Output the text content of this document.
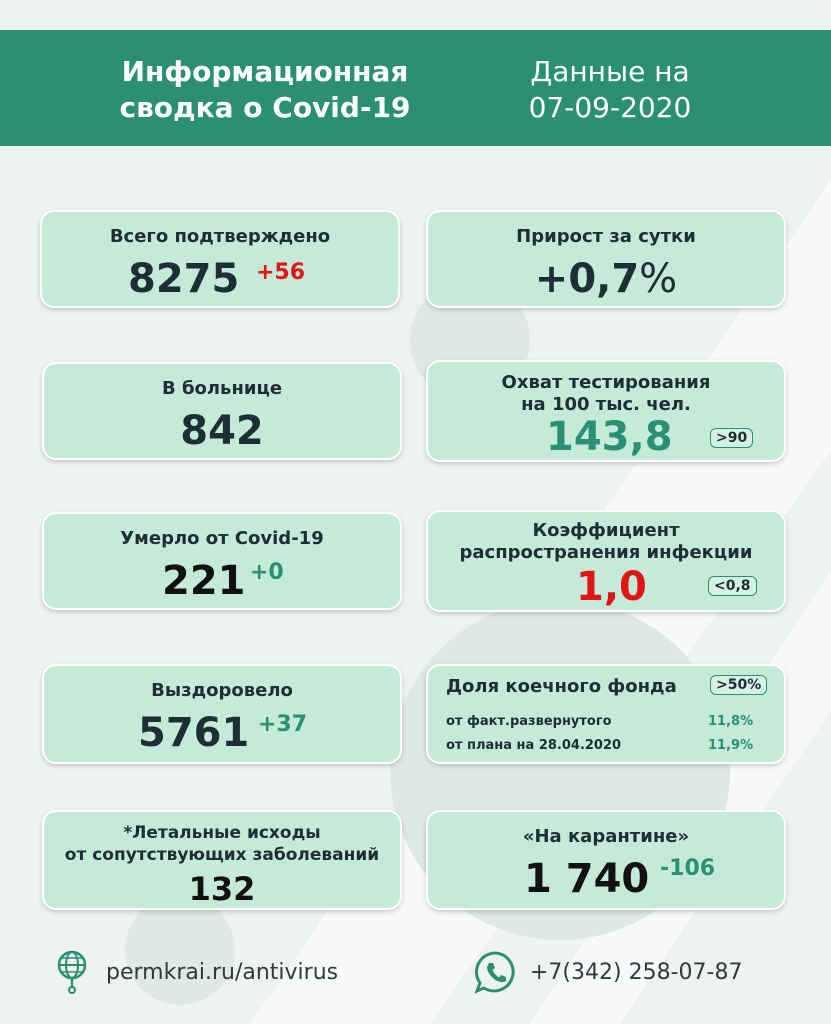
Информационная
сводка о Covid-19
Данные на
07-09-2020
Всего подтверждено
8275 +56
Прирост за сутки
+0,7%
В больнице
842
Охват тестирования
на 100 тыс. чел.
143,8	>90
Умерло от Covid-19
221 +0
Коэффициент
распространения инфекции
1,0	<0,8
Выздоровело
5761 +37
Доля коечного фонда	>50%
от факт.развернутого	11,8%
от плана на 28.04.2020	11,9%
*Летальные исходы
от сопутствующих заболеваний
132
«На карантине»
1 740 -106
permkrai.ru/antivirus	+7(342) 258-07-87
